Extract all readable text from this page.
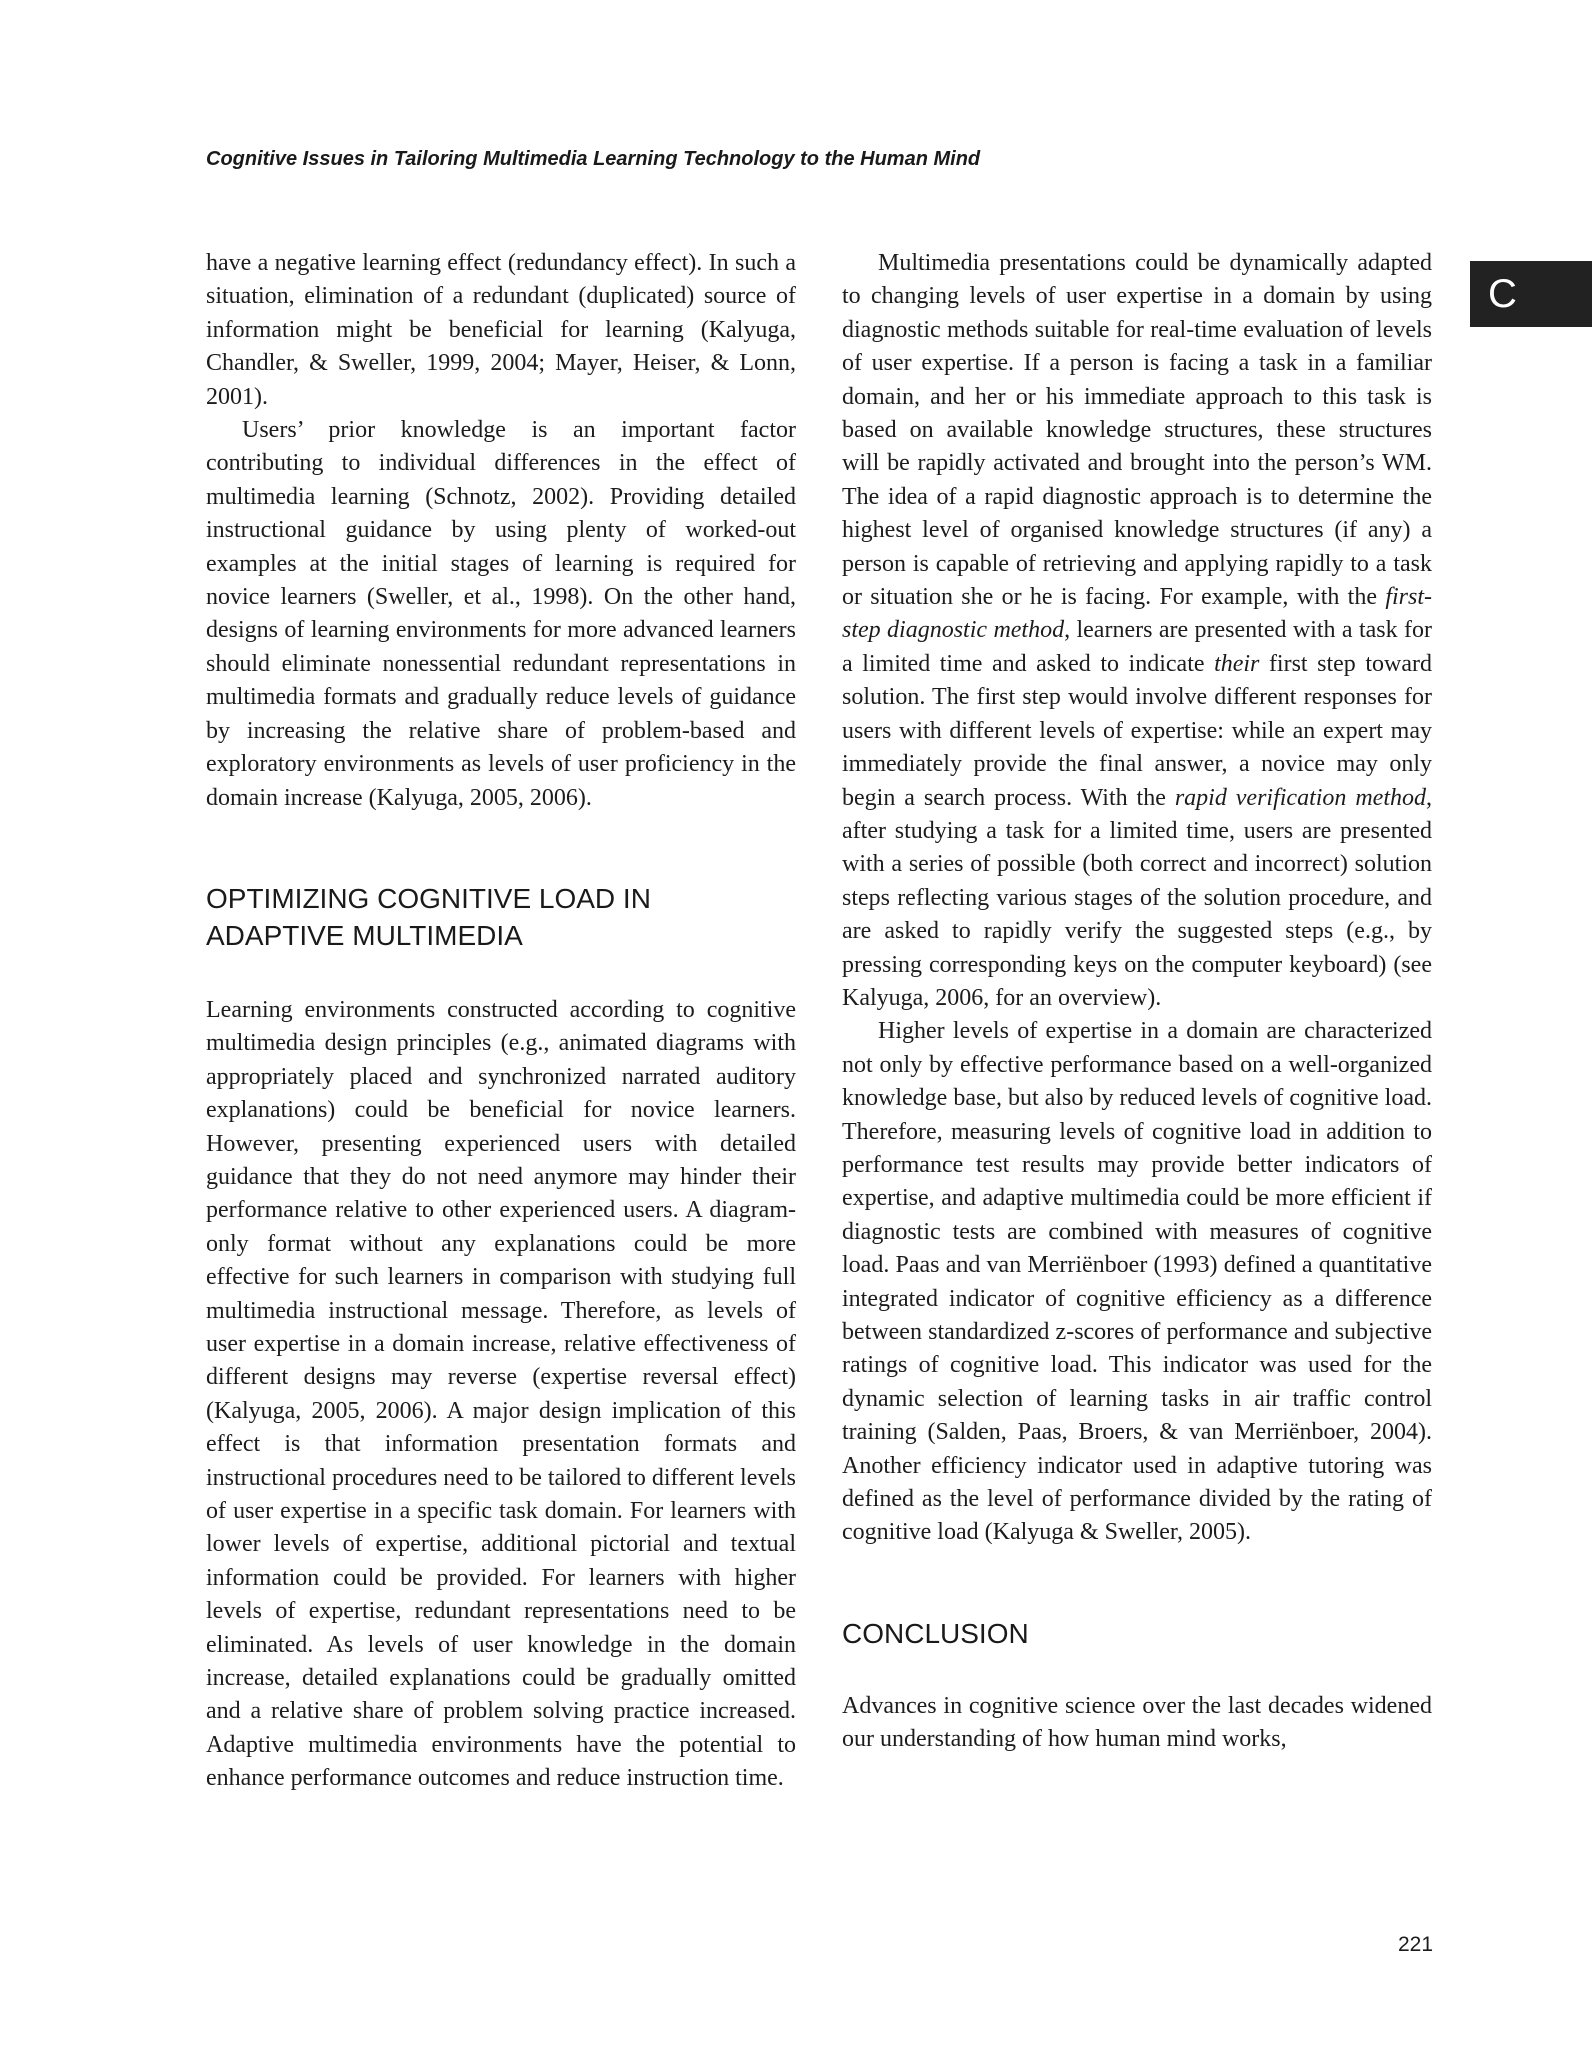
Cognitive Issues in Tailoring Multimedia Learning Technology to the Human Mind
C

have a negative learning effect (redundancy effect). In such a situation, elimination of a redundant (duplicated) source of information might be beneficial for learning (Kalyuga, Chandler, & Sweller, 1999, 2004; Mayer, Heiser, & Lonn, 2001).

Users’ prior knowledge is an important factor contributing to individual differences in the effect of multimedia learning (Schnotz, 2002). Providing detailed instructional guidance by using plenty of worked-out examples at the initial stages of learning is required for novice learners (Sweller, et al., 1998). On the other hand, designs of learning environments for more advanced learners should eliminate nonessential redundant representations in multimedia formats and gradually reduce levels of guidance by increasing the relative share of problem-based and exploratory environments as levels of user proficiency in the domain increase (Kalyuga, 2005, 2006).

OPTIMIZING COGNITIVE LOAD IN
ADAPTIVE MULTIMEDIA

Learning environments constructed according to cognitive multimedia design principles (e.g., animated diagrams with appropriately placed and synchronized narrated auditory explanations) could be beneficial for novice learners. However, presenting experienced users with detailed guidance that they do not need anymore may hinder their performance relative to other experienced users. A diagram-only format without any explanations could be more effective for such learners in comparison with studying full multimedia instructional message. Therefore, as levels of user expertise in a domain increase, relative effectiveness of different designs may reverse (expertise reversal effect) (Kalyuga, 2005, 2006). A major design implication of this effect is that information presentation formats and instructional procedures need to be tailored to different levels of user expertise in a specific task domain. For learners with lower levels of expertise, additional pictorial and textual information could be provided. For learners with higher levels of expertise, redundant representations need to be eliminated. As levels of user knowledge in the domain increase, detailed explanations could be gradually omitted and a relative share of problem solving practice increased. Adaptive multimedia environments have the potential to enhance performance outcomes and reduce instruction time.

Multimedia presentations could be dynamically adapted to changing levels of user expertise in a domain by using diagnostic methods suitable for real-time evaluation of levels of user expertise. If a person is facing a task in a familiar domain, and her or his immediate approach to this task is based on available knowledge structures, these structures will be rapidly activated and brought into the person’s WM. The idea of a rapid diagnostic approach is to determine the highest level of organised knowledge structures (if any) a person is capable of retrieving and applying rapidly to a task or situation she or he is facing. For example, with the first-step diagnostic method, learners are presented with a task for a limited time and asked to indicate their first step toward solution. The first step would involve different responses for users with different levels of expertise: while an expert may immediately provide the final answer, a novice may only begin a search process. With the rapid verification method, after studying a task for a limited time, users are presented with a series of possible (both correct and incorrect) solution steps reflecting various stages of the solution procedure, and are asked to rapidly verify the suggested steps (e.g., by pressing corresponding keys on the computer keyboard) (see Kalyuga, 2006, for an overview).

Higher levels of expertise in a domain are characterized not only by effective performance based on a well-organized knowledge base, but also by reduced levels of cognitive load. Therefore, measuring levels of cognitive load in addition to performance test results may provide better indicators of expertise, and adaptive multimedia could be more efficient if diagnostic tests are combined with measures of cognitive load. Paas and van Merriënboer (1993) defined a quantitative integrated indicator of cognitive efficiency as a difference between standardized z-scores of performance and subjective ratings of cognitive load. This indicator was used for the dynamic selection of learning tasks in air traffic control training (Salden, Paas, Broers, & van Merriënboer, 2004). Another efficiency indicator used in adaptive tutoring was defined as the level of performance divided by the rating of cognitive load (Kalyuga & Sweller, 2005).

CONCLUSION

Advances in cognitive science over the last decades widened our understanding of how human mind works,

221
